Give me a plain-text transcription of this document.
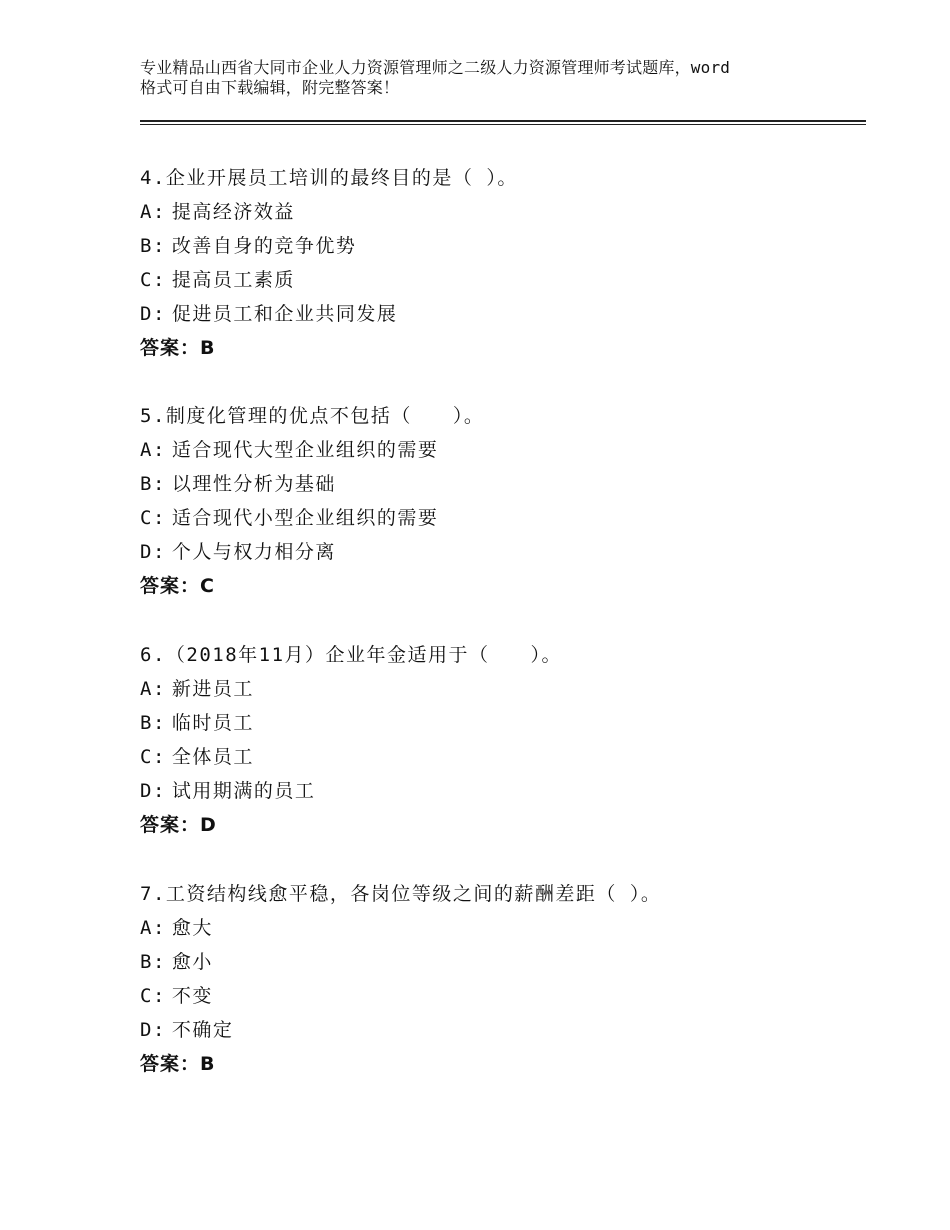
专业精品山西省大同市企业人力资源管理师之二级人力资源管理师考试题库，word
格式可自由下载编辑，附完整答案！
4.企业开展员工培训的最终目的是（ ）。
A: 提高经济效益
B: 改善自身的竞争优势
C: 提高员工素质
D: 促进员工和企业共同发展
答案：B
5.制度化管理的优点不包括（　　）。
A: 适合现代大型企业组织的需要
B: 以理性分析为基础
C: 适合现代小型企业组织的需要
D: 个人与权力相分离
答案：C
6.（2018年11月）企业年金适用于（　　）。
A: 新进员工
B: 临时员工
C: 全体员工
D: 试用期满的员工
答案：D
7.工资结构线愈平稳，各岗位等级之间的薪酬差距（ ）。
A: 愈大
B: 愈小
C: 不变
D: 不确定
答案：B
